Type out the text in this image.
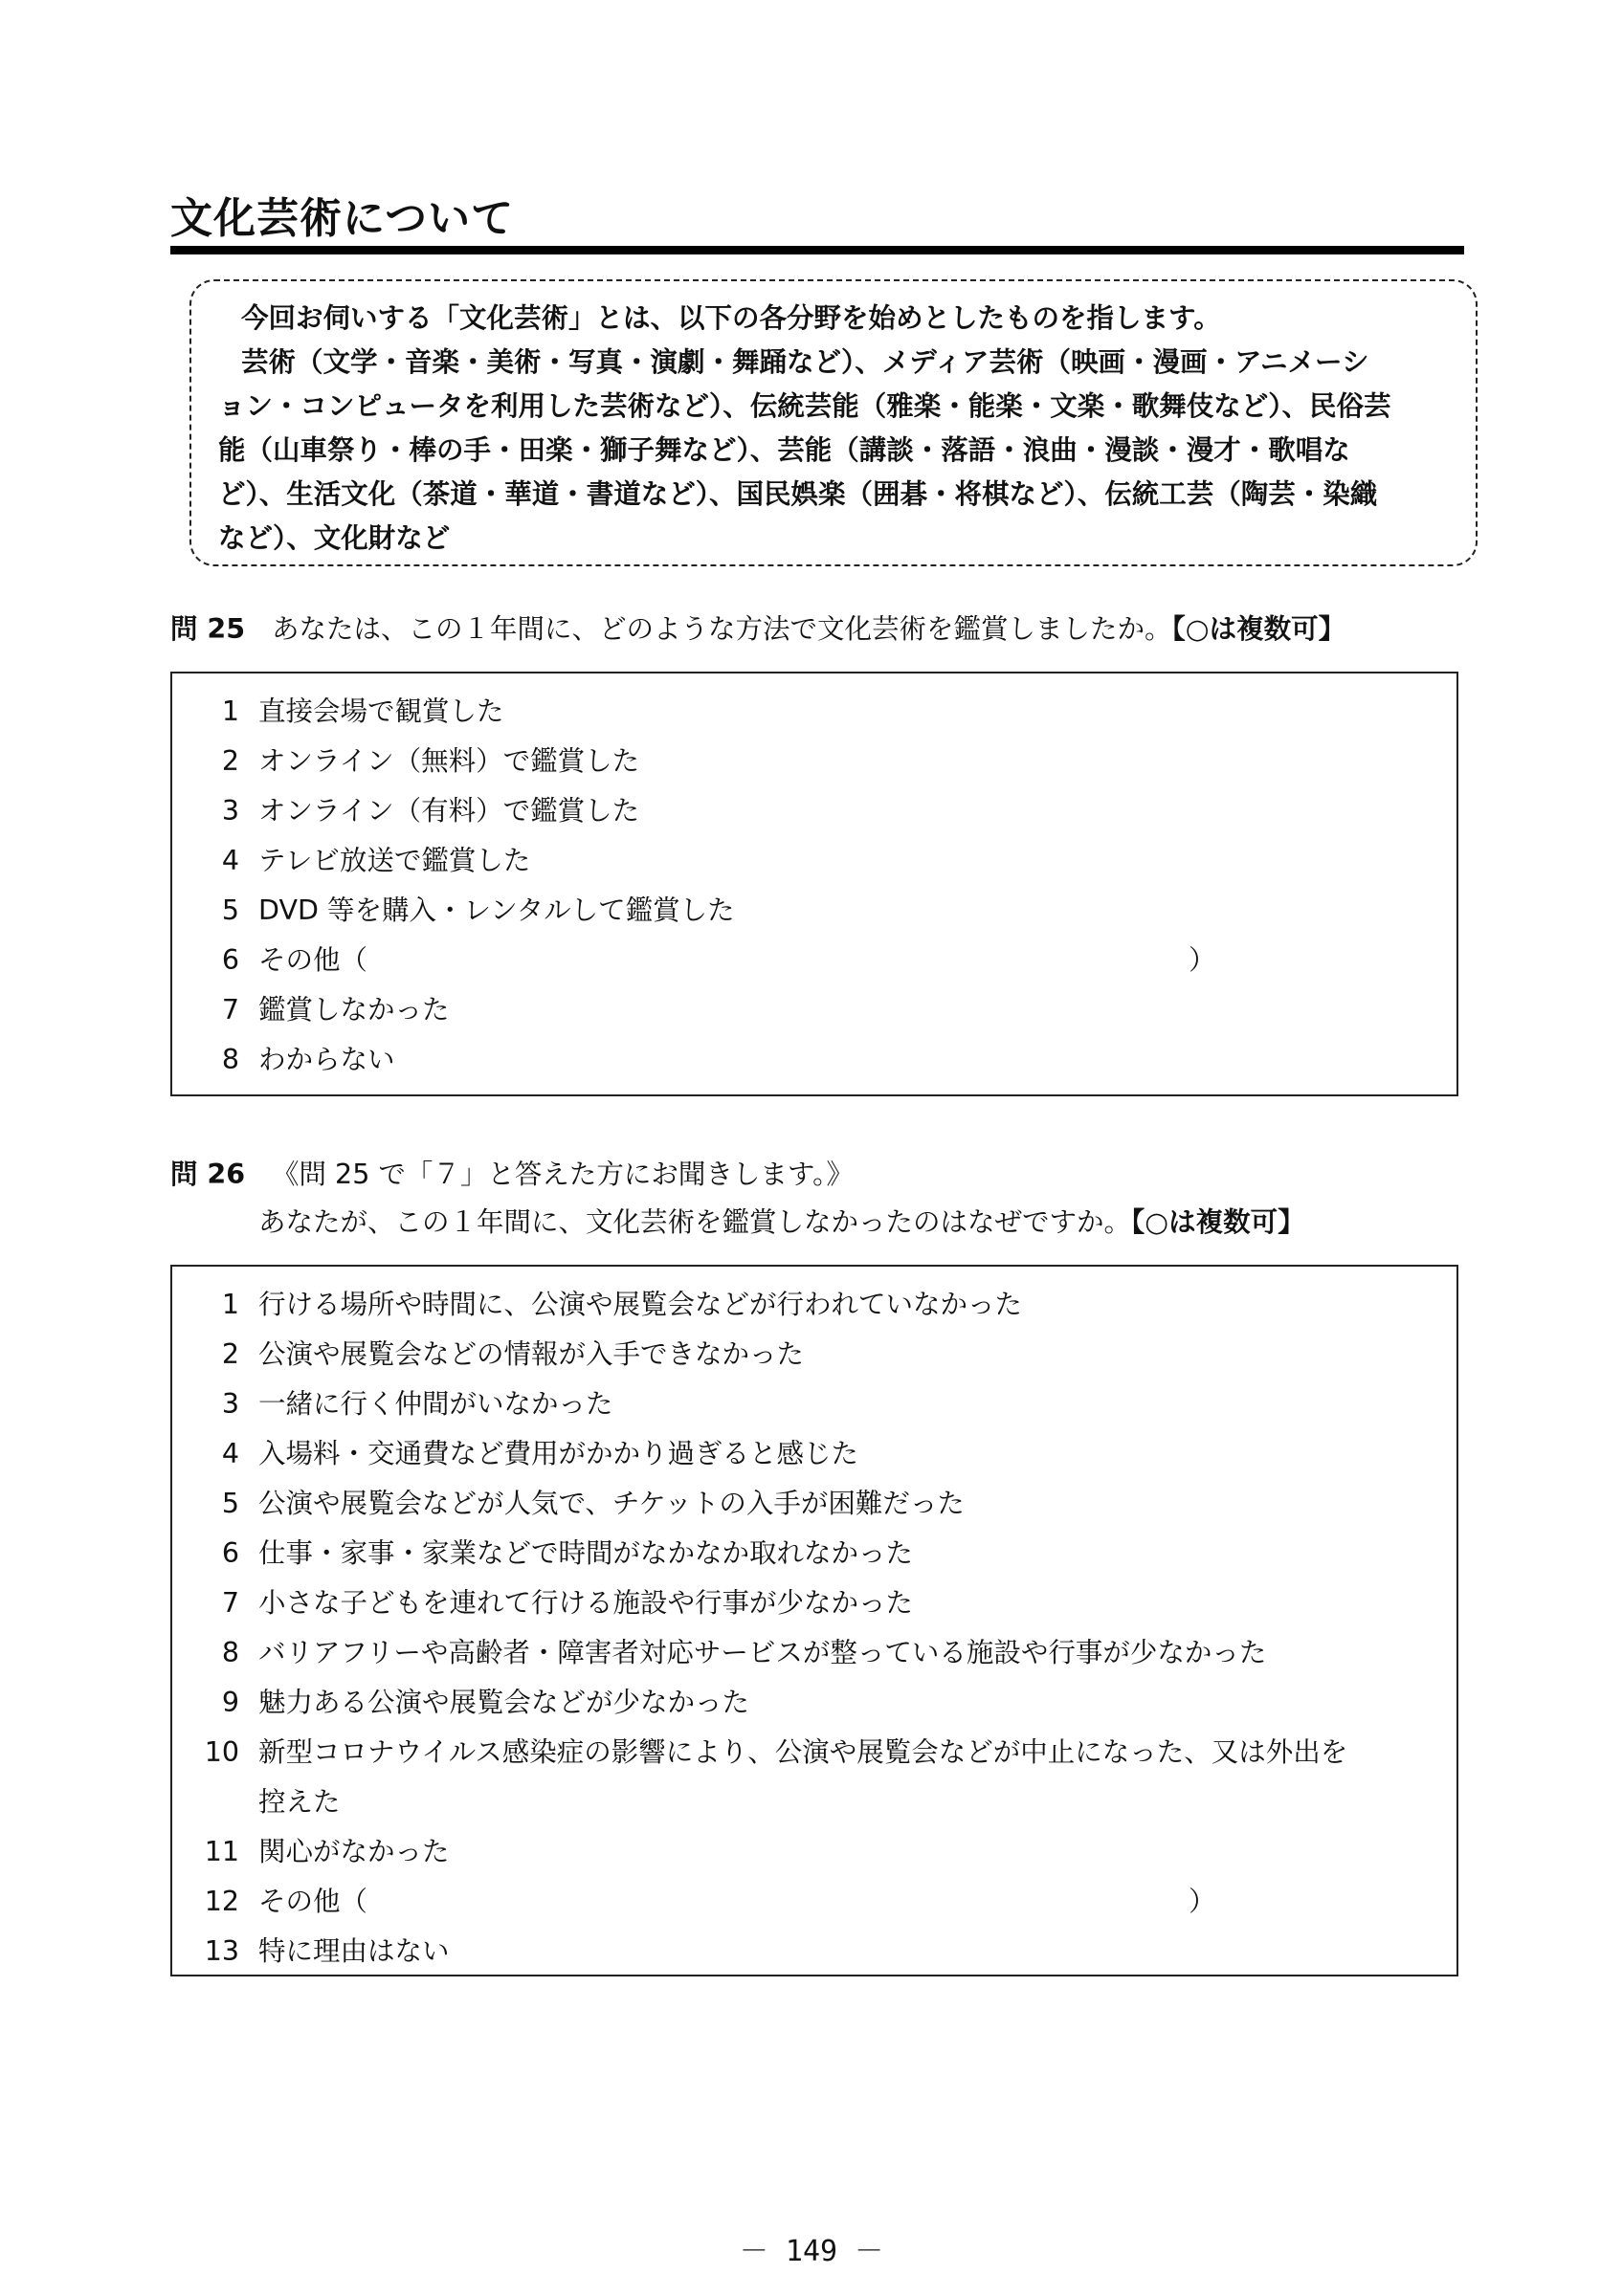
文化芸術について

今回お伺いする「文化芸術」とは、以下の各分野を始めとしたものを指します。

芸術（文学・音楽・美術・写真・演劇・舞踊など）、メディア芸術（映画・漫画・アニメーシ

ョン・コンピュータを利用した芸術など）、伝統芸能（雅楽・能楽・文楽・歌舞伎など）、民俗芸

能（山車祭り・棒の手・田楽・獅子舞など）、芸能（講談・落語・浪曲・漫談・漫才・歌唱な

ど）、生活文化（茶道・華道・書道など）、国民娯楽（囲碁・将棋など）、伝統工芸（陶芸・染織

など）、文化財など

問 25 あなたは、この１年間に、どのような方法で文化芸術を鑑賞しましたか。【○は複数可】
1 直接会場で観賞した
2 オンライン（無料）で鑑賞した
3 オンライン（有料）で鑑賞した
4 テレビ放送で鑑賞した
5 DVD 等を購入・レンタルして鑑賞した
6 その他（	）
7 鑑賞しなかった
8 わからない
問 26 《問 25 で「７」と答えた方にお聞きします。》
あなたが、この１年間に、文化芸術を鑑賞しなかったのはなぜですか。【○は複数可】
1 行ける場所や時間に、公演や展覧会などが行われていなかった
2 公演や展覧会などの情報が入手できなかった
3 一緒に行く仲間がいなかった
4 入場料・交通費など費用がかかり過ぎると感じた
5 公演や展覧会などが人気で、チケットの入手が困難だった
6 仕事・家事・家業などで時間がなかなか取れなかった
7 小さな子どもを連れて行ける施設や行事が少なかった
8 バリアフリーや高齢者・障害者対応サービスが整っている施設や行事が少なかった
9 魅力ある公演や展覧会などが少なかった
10 新型コロナウイルス感染症の影響により、公演や展覧会などが中止になった、又は外出を
控えた
11 関心がなかった
12 その他（	）
13 特に理由はない
－ 149 －
